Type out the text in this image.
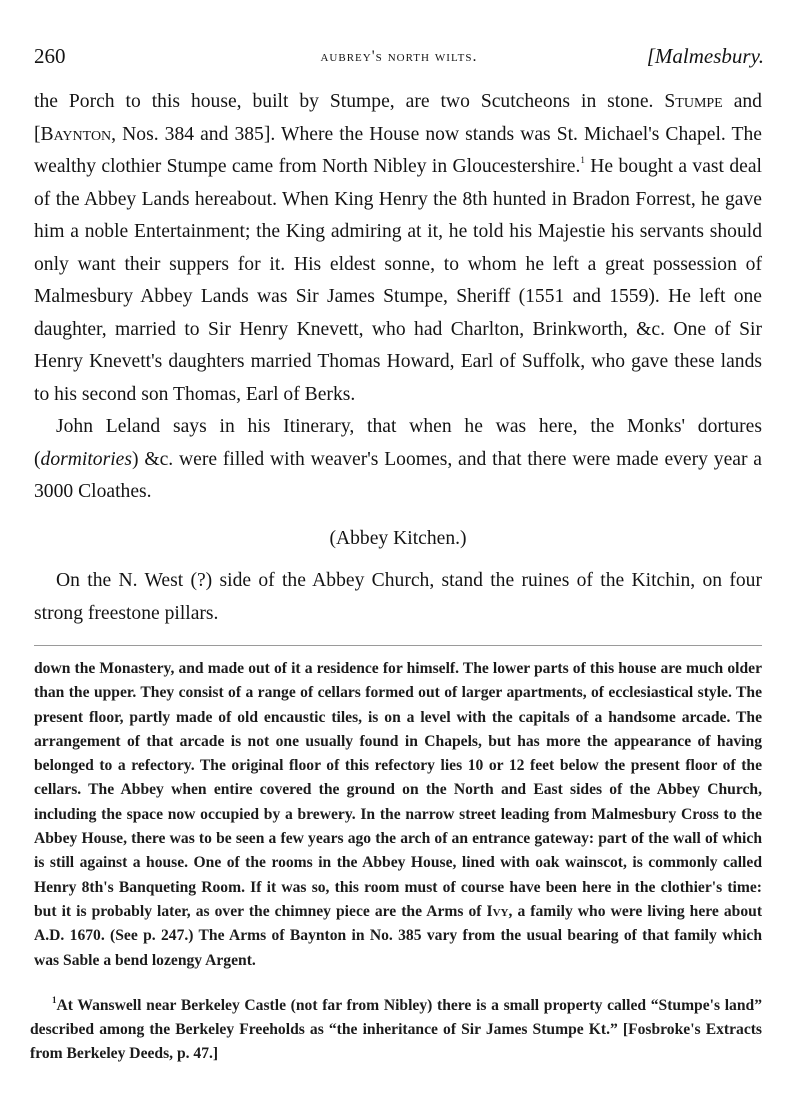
260	aubrey's north wilts.	[Malmesbury.

the Porch to this house, built by Stumpe, are two Scutcheons in stone. Stumpe and [Baynton, Nos. 384 and 385]. Where the House now stands was St. Michael's Chapel. The wealthy clothier Stumpe came from North Nibley in Gloucestershire.$^1$ He bought a vast deal of the Abbey Lands hereabout. When King Henry the 8th hunted in Bradon Forrest, he gave him a noble Entertainment; the King admiring at it, he told his Majestie his servants should only want their suppers for it. His eldest sonne, to whom he left a great possession of Malmesbury Abbey Lands was Sir James Stumpe, Sheriff (1551 and 1559). He left one daughter, married to Sir Henry Knevett, who had Charlton, Brinkworth, &c. One of Sir Henry Knevett's daughters married Thomas Howard, Earl of Suffolk, who gave these lands to his second son Thomas, Earl of Berks.

John Leland says in his Itinerary, that when he was here, the Monks' dortures (dormitories) &c. were filled with weaver's Loomes, and that there were made every year a 3000 Cloathes.

(Abbey Kitchen.)

On the N. West (?) side of the Abbey Church, stand the ruines of the Kitchin, on four strong freestone pillars.

down the Monastery, and made out of it a residence for himself. The lower parts of this house are much older than the upper. They consist of a range of cellars formed out of larger apartments, of ecclesiastical style. The present floor, partly made of old encaustic tiles, is on a level with the capitals of a handsome arcade. The arrangement of that arcade is not one usually found in Chapels, but has more the appearance of having belonged to a refectory. The original floor of this refectory lies 10 or 12 feet below the present floor of the cellars. The Abbey when entire covered the ground on the North and East sides of the Abbey Church, including the space now occupied by a brewery. In the narrow street leading from Malmesbury Cross to the Abbey House, there was to be seen a few years ago the arch of an entrance gateway: part of the wall of which is still against a house. One of the rooms in the Abbey House, lined with oak wainscot, is commonly called Henry 8th's Banqueting Room. If it was so, this room must of course have been here in the clothier's time: but it is probably later, as over the chimney piece are the Arms of Ivy, a family who were living here about A.D. 1670. (See p. 247.) The Arms of Baynton in No. 385 vary from the usual bearing of that family which was Sable a bend lozengy Argent.

$^1$At Wanswell near Berkeley Castle (not far from Nibley) there is a small property called “Stumpe's land” described among the Berkeley Freeholds as “the inheritance of Sir James Stumpe Kt.” [Fosbroke's Extracts from Berkeley Deeds, p. 47.]
